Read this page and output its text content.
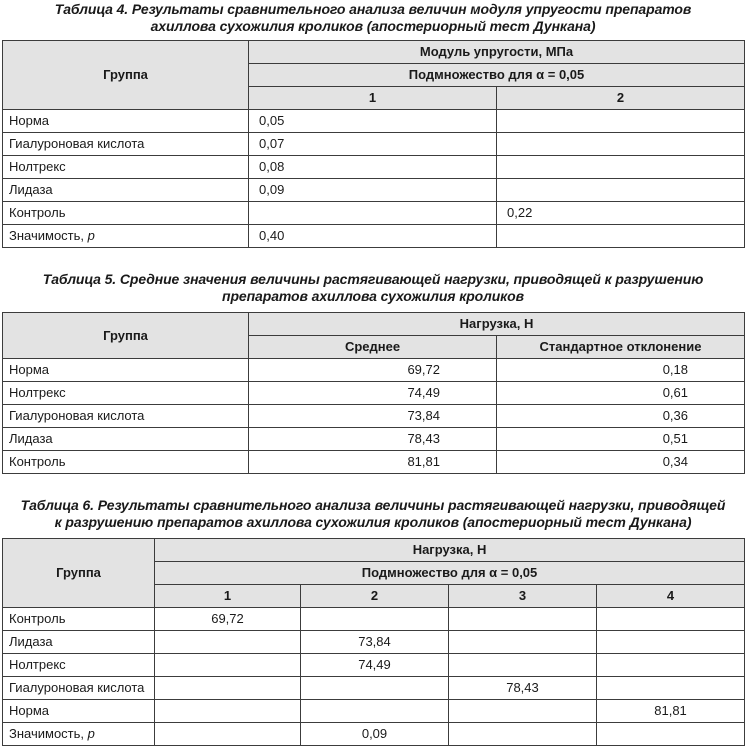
Таблица 4. Результаты сравнительного анализа величин модуля упругости препаратов
ахиллова сухожилия кроликов (апостериорный тест Дункана)
Группа	Модуль упругости, МПа	
	Подмножество для α = 0,05	
	1	2
Норма	0,05	
Гиалуроновая кислота	0,07	
Нолтрекс	0,08	
Лидаза	0,09	
Контроль		0,22
Значимость, p	0,40	
Таблица 5. Средние значения величины растягивающей нагрузки, приводящей к разрушению
препаратов ахиллова сухожилия кроликов
Группа	Нагрузка, Н	
	Среднее	Стандартное отклонение
Норма	69,72	0,18
Нолтрекс	74,49	0,61
Гиалуроновая кислота	73,84	0,36
Лидаза	78,43	0,51
Контроль	81,81	0,34
Таблица 6. Результаты сравнительного анализа величины растягивающей нагрузки, приводящей
к разрушению препаратов ахиллова сухожилия кроликов (апостериорный тест Дункана)
Группа	Нагрузка, Н			
	Подмножество для α = 0,05			
	1	2	3	4
Контроль	69,72			
Лидаза		73,84		
Нолтрекс		74,49		
Гиалуроновая кислота			78,43	
Норма				81,81
Значимость, p		0,09		
